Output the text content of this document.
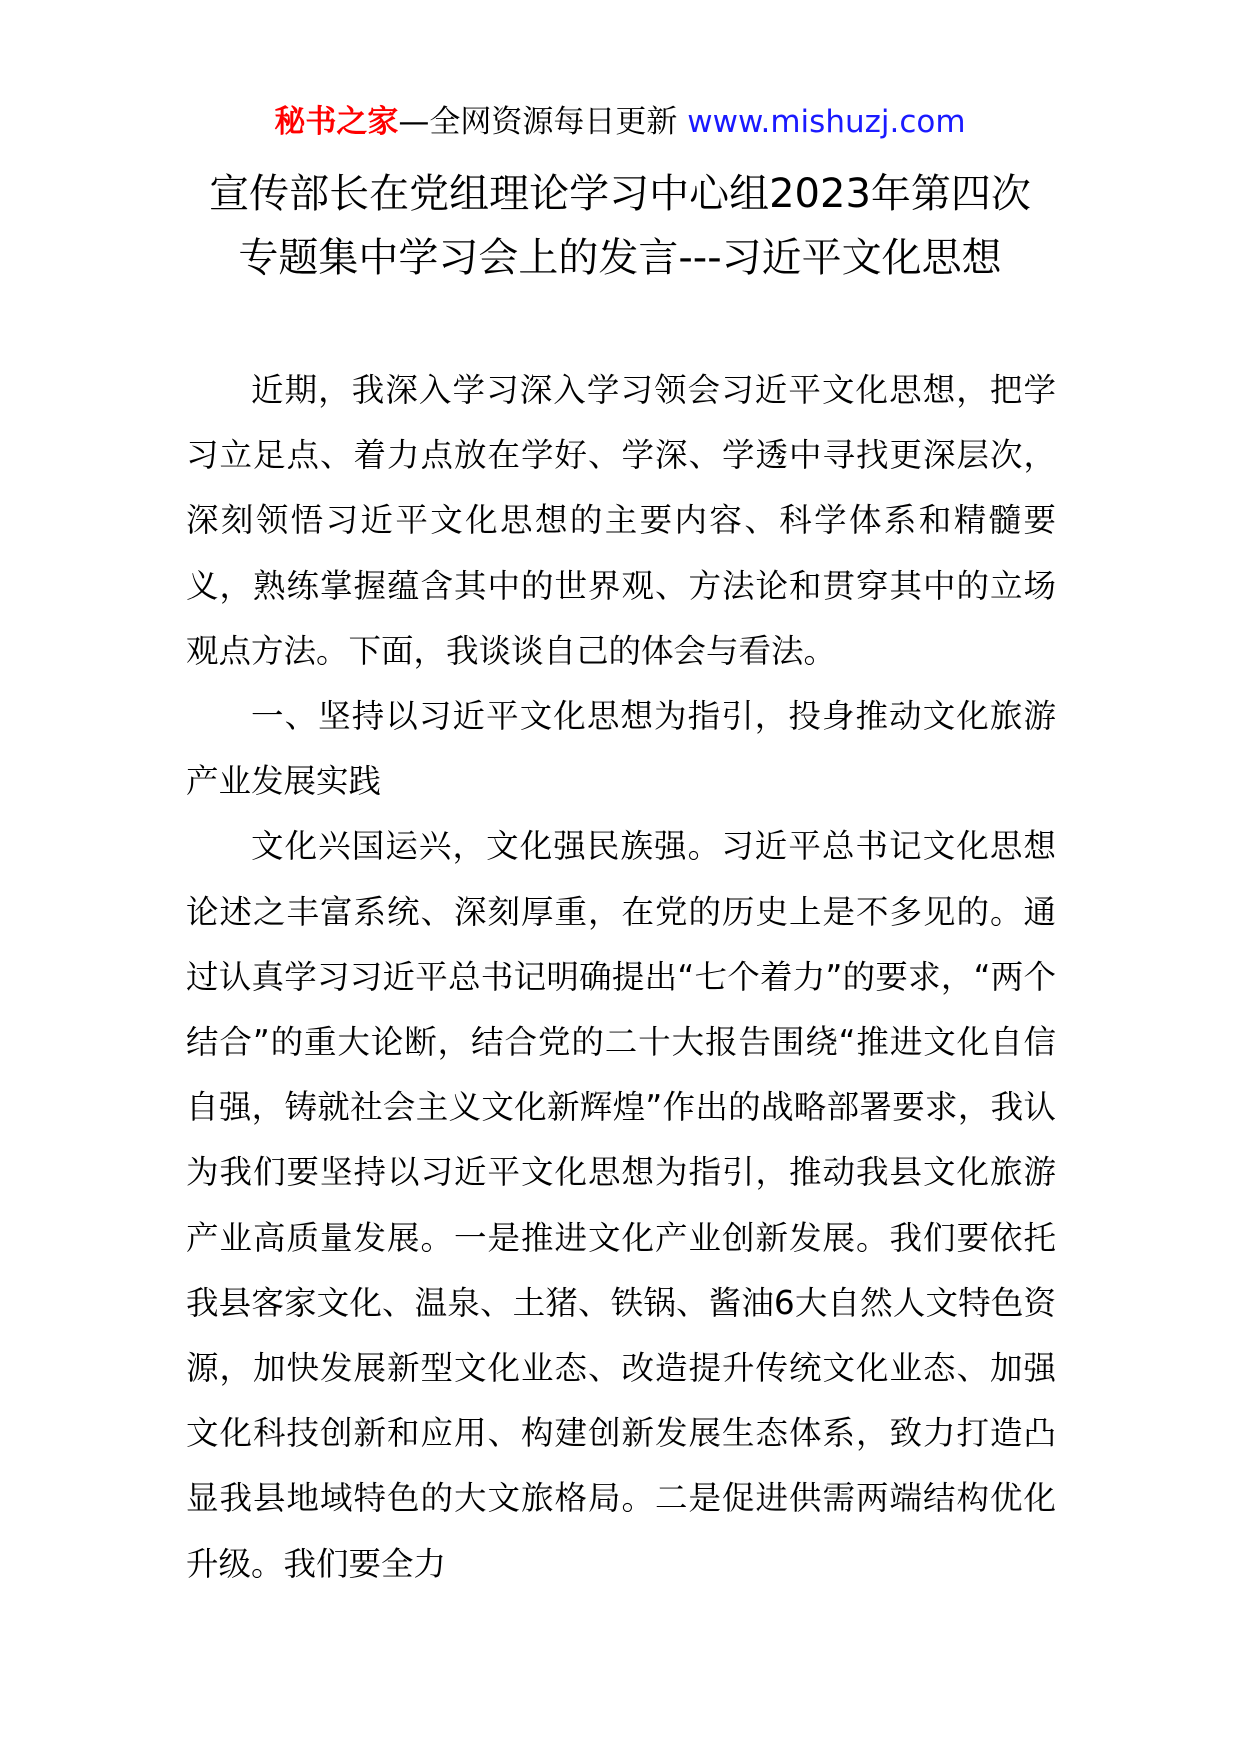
秘书之家—全网资源每日更新 www.mishuzj.com
宣传部长在党组理论学习中心组2023年第四次
专题集中学习会上的发言---习近平文化思想

近期，我深入学习深入学习领会习近平文化思想，把学习立足点、着力点放在学好、学深、学透中寻找更深层次，深刻领悟习近平文化思想的主要内容、科学体系和精髓要义，熟练掌握蕴含其中的世界观、方法论和贯穿其中的立场观点方法。下面，我谈谈自己的体会与看法。

一、坚持以习近平文化思想为指引，投身推动文化旅游产业发展实践

文化兴国运兴，文化强民族强。习近平总书记文化思想论述之丰富系统、深刻厚重，在党的历史上是不多见的。通过认真学习习近平总书记明确提出“七个着力”的要求，“两个结合”的重大论断，结合党的二十大报告围绕“推进文化自信自强，铸就社会主义文化新辉煌”作出的战略部署要求，我认为我们要坚持以习近平文化思想为指引，推动我县文化旅游产业高质量发展。一是推进文化产业创新发展。我们要依托我县客家文化、温泉、土猪、铁锅、酱油6大自然人文特色资源，加快发展新型文化业态、改造提升传统文化业态、加强文化科技创新和应用、构建创新发展生态体系，致力打造凸显我县地域特色的大文旅格局。二是促进供需两端结构优化升级。我们要全力
